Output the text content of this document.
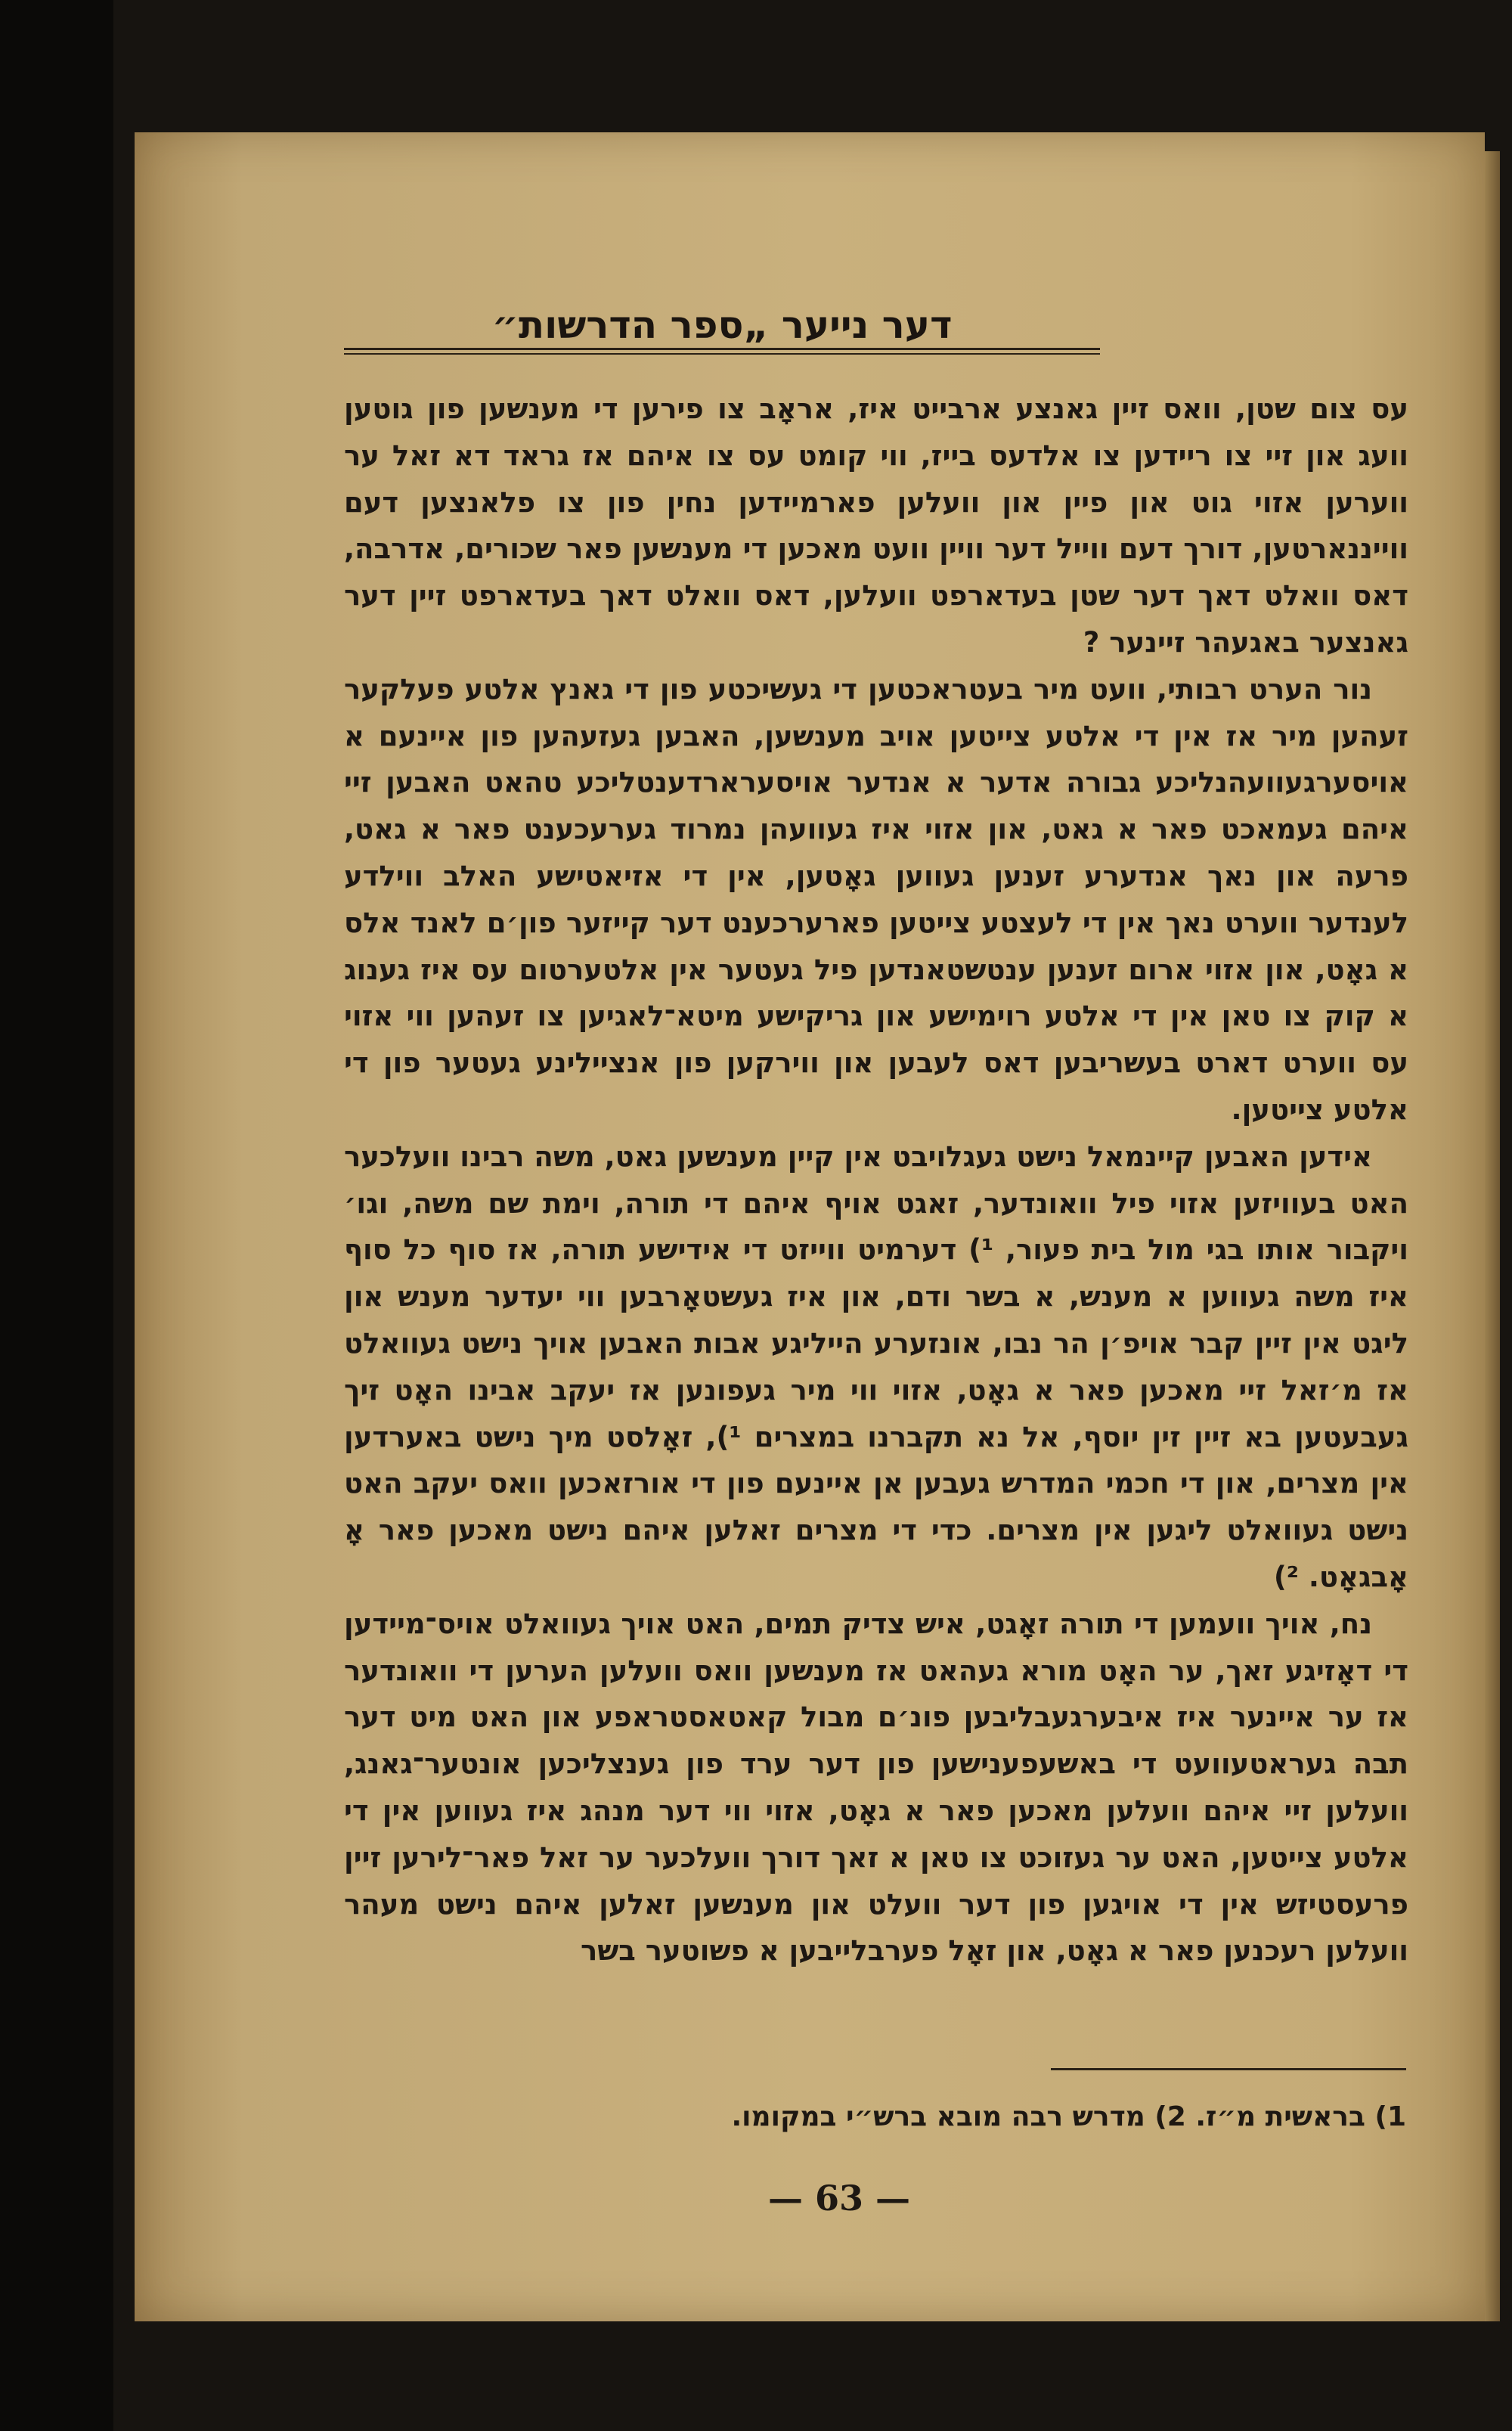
דער נייער „ספר הדרשות״

עס צום שטן, וואס זיין גאנצע ארבייט איז, אראָב צו פירען די מענשען פון גוטען וועג און זיי צו ריידען צו אלדעס בייז, ווי קומט עס צו איהם אז גראד דא זאל ער ווערען אזוי גוט און פיין און וועלען פארמיידען נחין פון צו פלאנצען דעם ווייננארטען, דורך דעם ווייל דער וויין וועט מאכען די מענשען פאר שכורים, אדרבה, דאס וואלט דאך דער שטן בעדארפט וועלען, דאס וואלט דאך בעדארפט זיין דער גאנצער באגעהר זיינער ?

נור הערט רבותי, וועט מיר בעטראכטען די געשיכטע פון די גאנץ אלטע פעלקער זעהען מיר אז אין די אלטע צייטען אויב מענשען, האבען געזעהען פון איינעם א אויסערגעוועהנליכע גבורה אדער א אנדער אויסערארדענטליכע טהאט האבען זיי איהם געמאכט פאר א גאט, און אזוי איז געוועהן נמרוד גערעכענט פאר א גאט, פרעה און נאך אנדערע זענען געווען גאָטען, אין די אזיאטישע האלב ווילדע לענדער ווערט נאך אין די לעצטע צייטען פארערכענט דער קייזער פון׳ם לאנד אלס א גאָט, און אזוי ארום זענען ענטשטאנדען פיל געטער אין אלטערטום עס איז גענוג א קוק צו טאן אין די אלטע רוימישע און גריקישע מיטא־לאגיען צו זעהען ווי אזוי עס ווערט דארט בעשריבען דאס לעבען און ווירקען פון אנציילינע געטער פון די אלטע צייטען.

אידען האבען קיינמאל נישט געגלויבט אין קיין מענשען גאט, משה רבינו וועלכער האט בעוויזען אזוי פיל וואונדער, זאגט אויף איהם די תורה, וימת שם משה, וגו׳ ויקבור אותו בגי מול בית פעור, ¹) דערמיט ווייזט די אידישע תורה, אז סוף כל סוף איז משה געווען א מענש, א בשר ודם, און איז געשטאָרבען ווי יעדער מענש און ליגט אין זיין קבר אויפ׳ן הר נבו, אונזערע הייליגע אבות האבען אויך נישט געוואלט אז מ׳זאל זיי מאכען פאר א גאָט, אזוי ווי מיר געפונען אז יעקב אבינו האָט זיך געבעטען בא זיין זין יוסף, אל נא תקברנו במצרים ¹), זאָלסט מיך נישט באערדען אין מצרים, און די חכמי המדרש געבען אן איינעם פון די אורזאכען וואס יעקב האט נישט געוואלט ליגען אין מצרים. כדי די מצרים זאלען איהם נישט מאכען פאר אָ אָבגאָט. ²)

נח, אויך וועמען די תורה זאָגט, איש צדיק תמים, האט אויך געוואלט אויס־מיידען די דאָזיגע זאך, ער האָט מורא געהאט אז מענשען וואס וועלען הערען די וואונדער אז ער איינער איז איבערגעבליבען פונ׳ם מבול קאטאסטראפע און האט מיט דער תבה געראטעוועט די באשעפענישען פון דער ערד פון גענצליכען אונטער־גאנג, וועלען זיי איהם וועלען מאכען פאר א גאָט, אזוי ווי דער מנהג איז געווען אין די אלטע צייטען, האט ער געזוכט צו טאן א זאך דורך וועלכער ער זאל פאר־לירען זיין פרעסטיזש אין די אויגען פון דער וועלט און מענשען זאלען איהם נישט מעהר וועלען רעכנען פאר א גאָט, און זאָל פערבלייבען א פשוטער בשר

1) בראשית מ״ז. 2) מדרש רבה מובא ברש״י במקומו.
— 63 —
